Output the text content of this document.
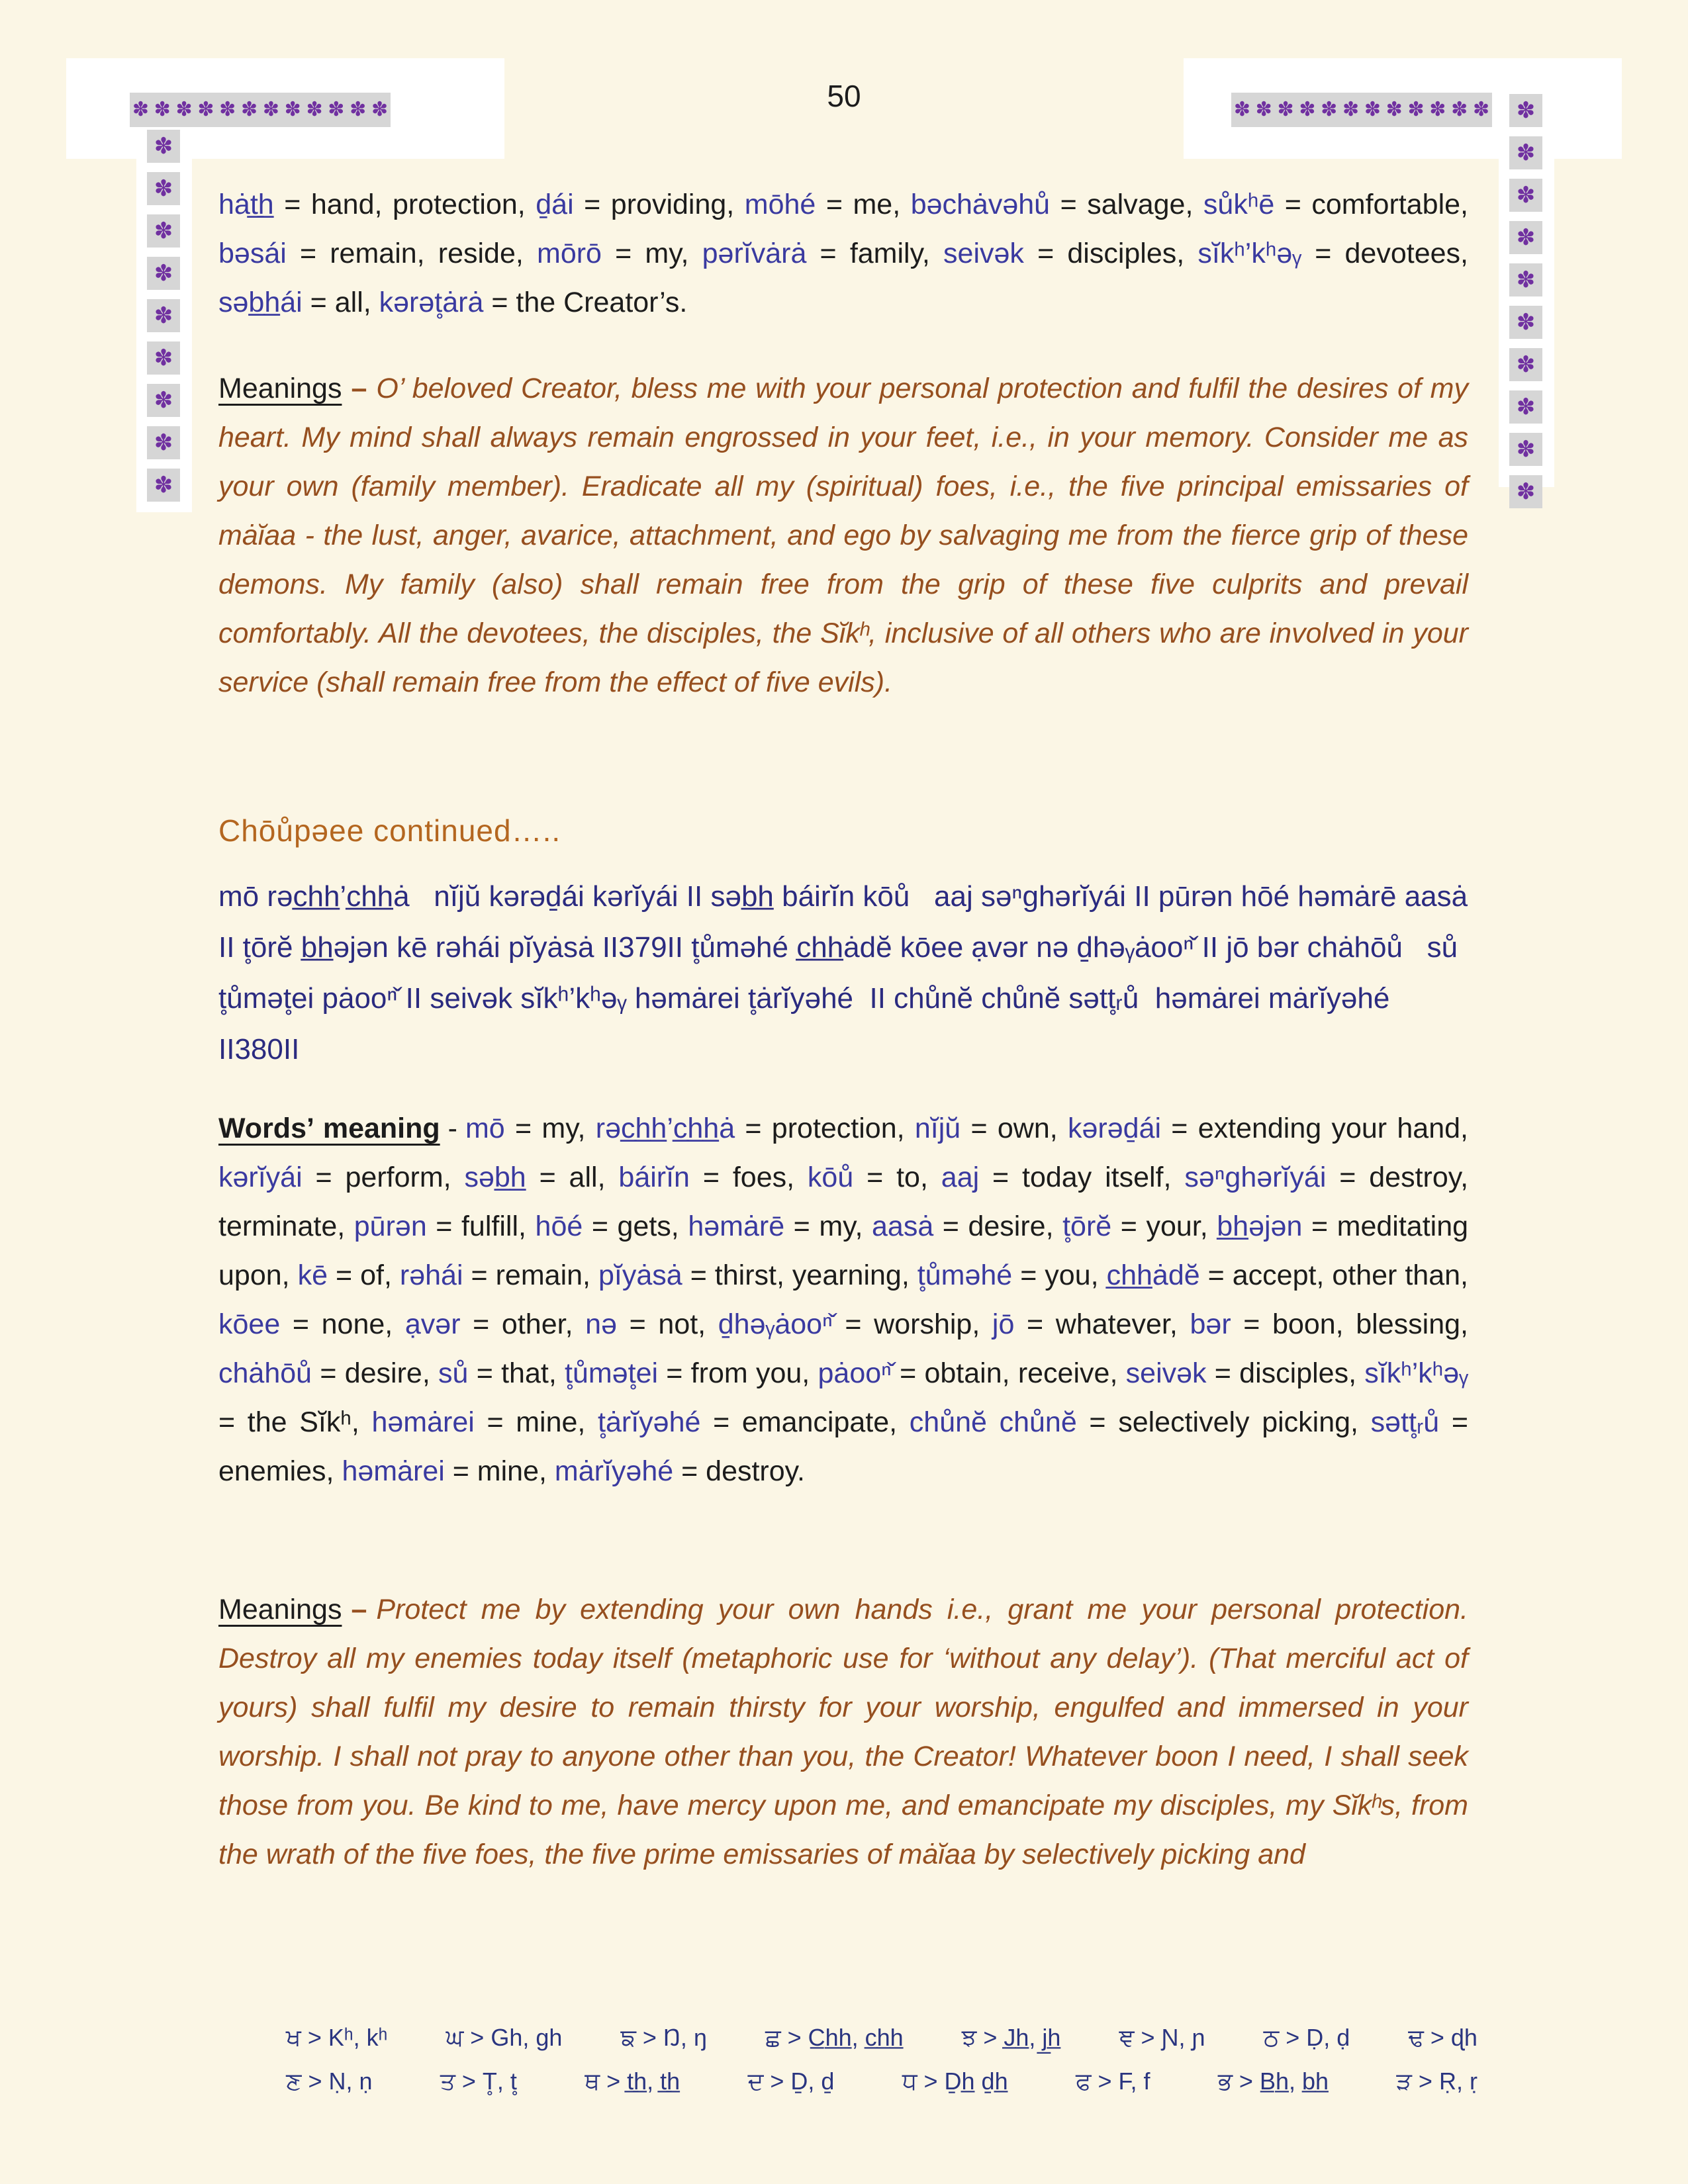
50
✽ ✽ ✽ ✽ ✽ ✽ ✽ ✽ ✽ ✽ ✽ ✽	✽ ✽ ✽ ✽ ✽ ✽ ✽ ✽ ✽ ✽ ✽ ✽
✽
✽
✽
✽
✽
✽
✽
✽
✽
✽
✽
✽
✽
✽
✽
✽
✽
✽
✽

hȧt̲h̲ = hand, protection, ḏái = providing, mōhé = me, bəchȧvəhů = salvage, sůkʰē = comfortable, bəsái = remain, reside, mōrō = my, pərĭvȧrȧ = family, seivək = disciples, sĭkʰ’kʰəᵧ = devotees, səb̲h̲ái = all, kərət̥ȧrȧ = the Creator’s.

Meanings – O’ beloved Creator, bless me with your personal protection and fulfil the desires of my heart. My mind shall always remain engrossed in your feet, i.e., in your memory. Consider me as your own (family member). Eradicate all my (spiritual) foes, i.e., the five principal emissaries of mȧĭaa - the lust, anger, avarice, attachment, and ego by salvaging me from the fierce grip of these demons. My family (also) shall remain free from the grip of these five culprits and prevail comfortably. All the devotees, the disciples, the Sĭkʰ, inclusive of all others who are involved in your service (shall remain free from the effect of five evils).

Chōůpəee continued…..

mō rəc̲h̲h̲’c̲h̲h̲ȧ   nĭjŭ kərəḏái kərĭyái II səb̲h̲ báirĭn kōů   aaj səⁿghərĭyái II pūrən hōé həmȧrē aasȧ II t̥ōrĕ b̲h̲əjən kē rəhái pĭyȧsȧ II379II t̥ůməhé c̲h̲h̲ȧdĕ kōee ạvər nə ḏhəᵧȧooⁿ̌ II jō bər chȧhōů   sů t̥ůmət̥ei pȧooⁿ̌ II seivək sĭkʰ’kʰəᵧ həmȧrei t̥ȧrĭyəhé  II chůnĕ chůnĕ sətt̥ᵣů  həmȧrei mȧrĭyəhé II380II

Words’ meaning - mō = my, rəc̲h̲h̲’c̲h̲h̲ȧ = protection, nĭjŭ = own, kərəḏái = extending your hand, kərĭyái = perform, səb̲h̲ = all, báirĭn = foes, kōů = to, aaj = today itself, səⁿghərĭyái = destroy, terminate, pūrən = fulfill, hōé = gets, həmȧrē = my, aasȧ = desire, t̥ōrĕ = your, b̲h̲əjən = meditating upon, kē = of, rəhái = remain, pĭyȧsȧ = thirst, yearning, t̥ůməhé = you, c̲h̲h̲ȧdĕ = accept, other than, kōee = none, ạvər = other, nə = not, ḏhəᵧȧooⁿ̌ = worship, jō = whatever, bər = boon, blessing, chȧhōů = desire, sů = that, t̥ůmət̥ei = from you, pȧooⁿ̌ = obtain, receive, seivək = disciples, sĭkʰ’kʰəᵧ = the Sĭkʰ, həmȧrei = mine, t̥ȧrĭyəhé = emancipate, chůnĕ chůnĕ = selectively picking, sətt̥ᵣů = enemies, həmȧrei = mine, mȧrĭyəhé = destroy.

Meanings – Protect me by extending your own hands i.e., grant me your personal protection. Destroy all my enemies today itself (metaphoric use for ‘without any delay’). (That merciful act of yours) shall fulfil my desire to remain thirsty for your worship, engulfed and immersed in your worship. I shall not pray to anyone other than you, the Creator! Whatever boon I need, I shall seek those from you. Be kind to me, have mercy upon me, and emancipate my disciples, my Sĭkʰs, from the wrath of the five foes, the five prime emissaries of mȧĭaa by selectively picking and

ਖ > Kʰ, kʰ ਘ > Gh, gh ਙ > Ŋ, ŋ ਛ > C̲h̲h̲, c̲h̲h̲ ਝ > J̲h̲, j̲h̲ ਞ > Ɲ, ɲ ਠ > Ḍ, ḍ ਢ > ɖh
ਣ > Ṇ, ṇ	ਤ > T̥, t̥	ਥ > t̲h̲, t̲h̲	ਦ > Ḏ, ḏ	ਧ > Ḏh̲ ḏh̲	ਫ > F, f	ਭ > B̲h̲, b̲h̲	ੜ > Ṛ, ṛ
